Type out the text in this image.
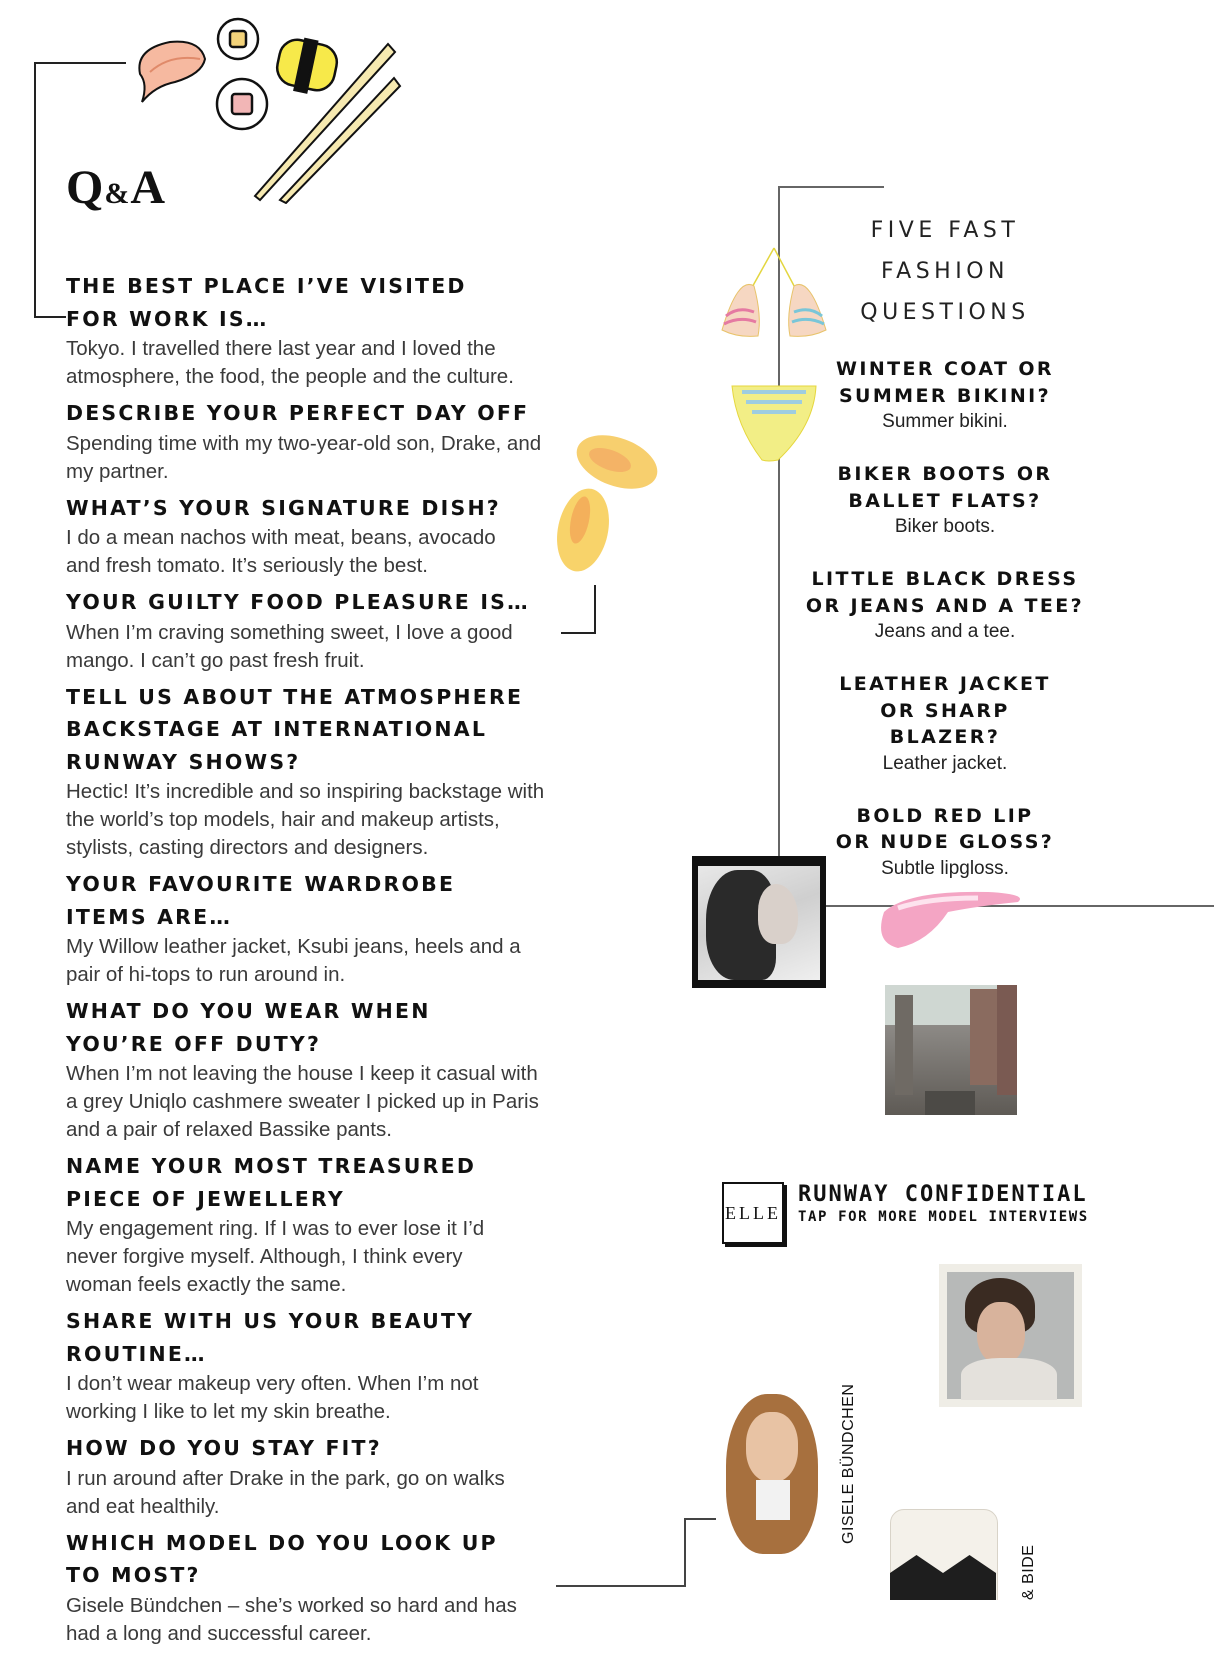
Q&A

THE BEST PLACE I’VE VISITED FOR WORK IS…

Tokyo. I travelled there last year and I loved the atmosphere, the food, the people and the culture.

DESCRIBE YOUR PERFECT DAY OFF

Spending time with my two-year-old son, Drake, and my partner.

WHAT’S YOUR SIGNATURE DISH?

I do a mean nachos with meat, beans, avocado and fresh tomato. It’s seriously the best.

YOUR GUILTY FOOD PLEASURE IS…

When I’m craving something sweet, I love a good mango. I can’t go past fresh fruit.

TELL US ABOUT THE ATMOSPHERE BACKSTAGE AT INTERNATIONAL RUNWAY SHOWS?

Hectic! It’s incredible and so inspiring backstage with the world’s top models, hair and makeup artists, stylists, casting directors and designers.

YOUR FAVOURITE WARDROBE ITEMS ARE…

My Willow leather jacket, Ksubi jeans, heels and a pair of hi-tops to run around in.

WHAT DO YOU WEAR WHEN YOU’RE OFF DUTY?

When I’m not leaving the house I keep it casual with a grey Uniqlo cashmere sweater I picked up in Paris and a pair of relaxed Bassike pants.

NAME YOUR MOST TREASURED PIECE OF JEWELLERY

My engagement ring. If I was to ever lose it I’d never forgive myself. Although, I think every woman feels exactly the same.

SHARE WITH US YOUR BEAUTY ROUTINE…

I don’t wear makeup very often. When I’m not working I like to let my skin breathe.

HOW DO YOU STAY FIT?

I run around after Drake in the park, go on walks and eat healthily.

WHICH MODEL DO YOU LOOK UP TO MOST?

Gisele Bündchen – she’s worked so hard and has had a long and successful career.

FIVE FAST
FASHION
QUESTIONS
WINTER COAT OR SUMMER BIKINI?
Summer bikini.
BIKER BOOTS OR BALLET FLATS?
Biker boots.
LITTLE BLACK DRESS OR JEANS AND A TEE?
Jeans and a tee.
LEATHER JACKET OR SHARP BLAZER?
Leather jacket.
BOLD RED LIP OR NUDE GLOSS?
Subtle lipgloss.
ELLE
RUNWAY CONFIDENTIAL
TAP FOR MORE MODEL INTERVIEWS
GISELE BÜNDCHEN
& BIDE
